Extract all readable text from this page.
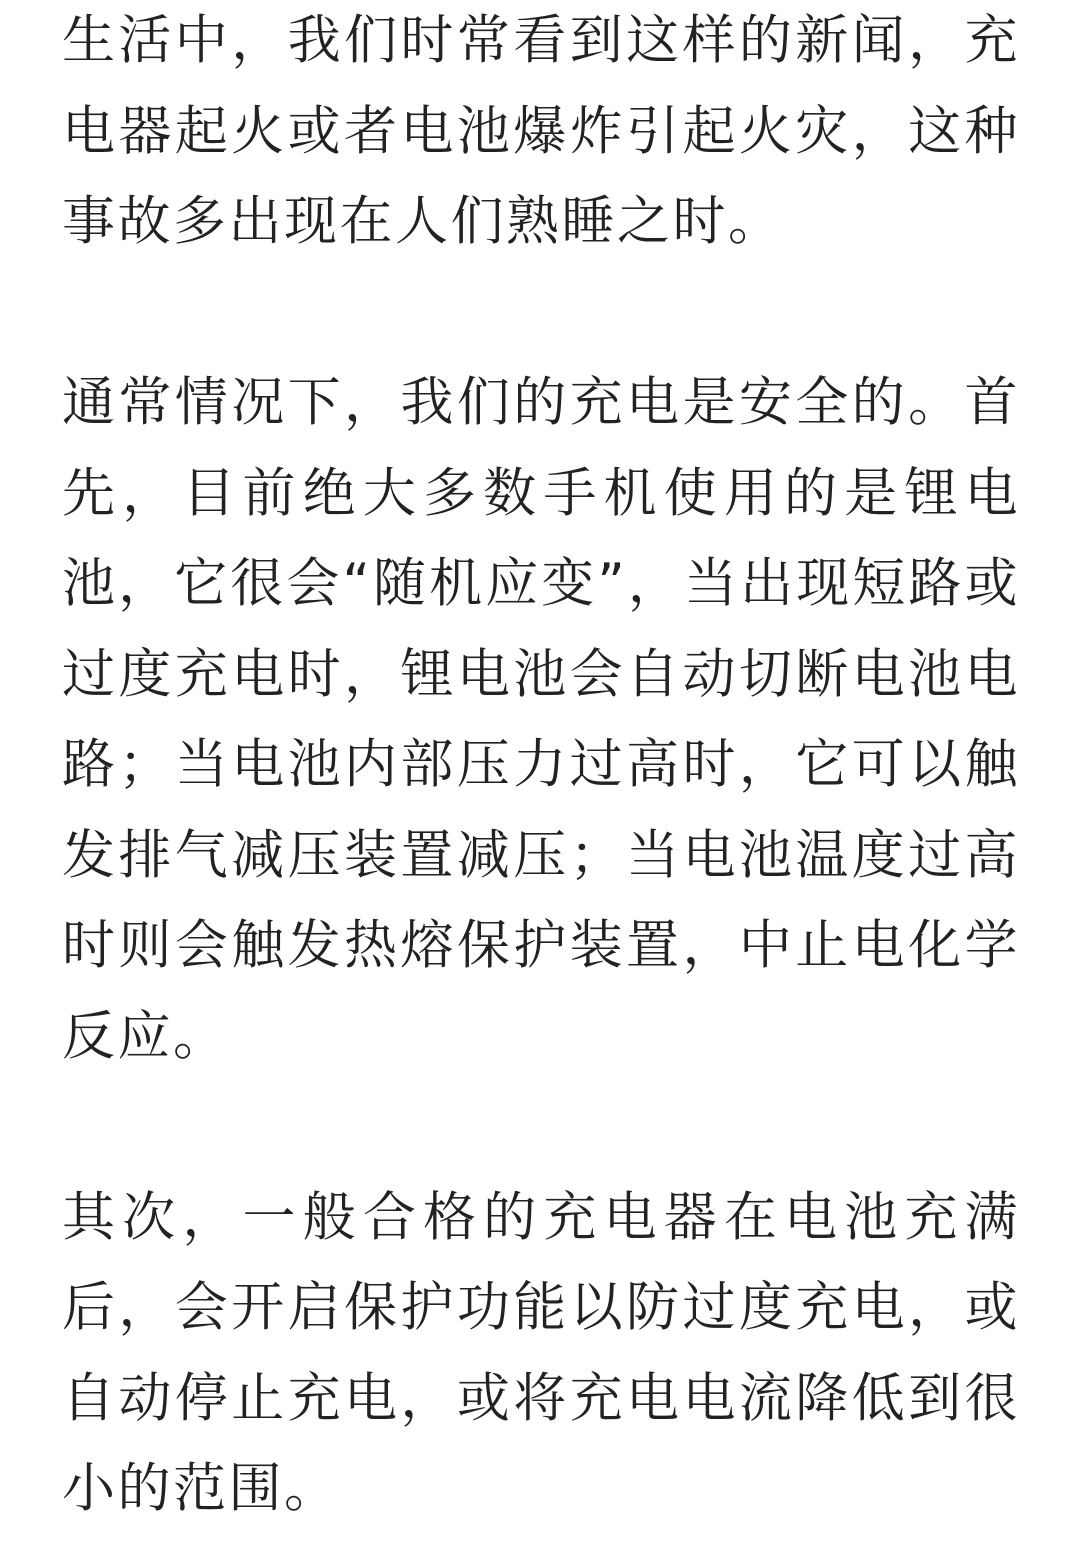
生活中，我们时常看到这样的新闻，充电器起火或者电池爆炸引起火灾，这种事故多出现在人们熟睡之时。

通常情况下，我们的充电是安全的。首先，目前绝大多数手机使用的是锂电池，它很会“随机应变”，当出现短路或过度充电时，锂电池会自动切断电池电路；当电池内部压力过高时，它可以触发排气减压装置减压；当电池温度过高时则会触发热熔保护装置，中止电化学反应。

其次，一般合格的充电器在电池充满后，会开启保护功能以防过度充电，或自动停止充电，或将充电电流降低到很小的范围。
